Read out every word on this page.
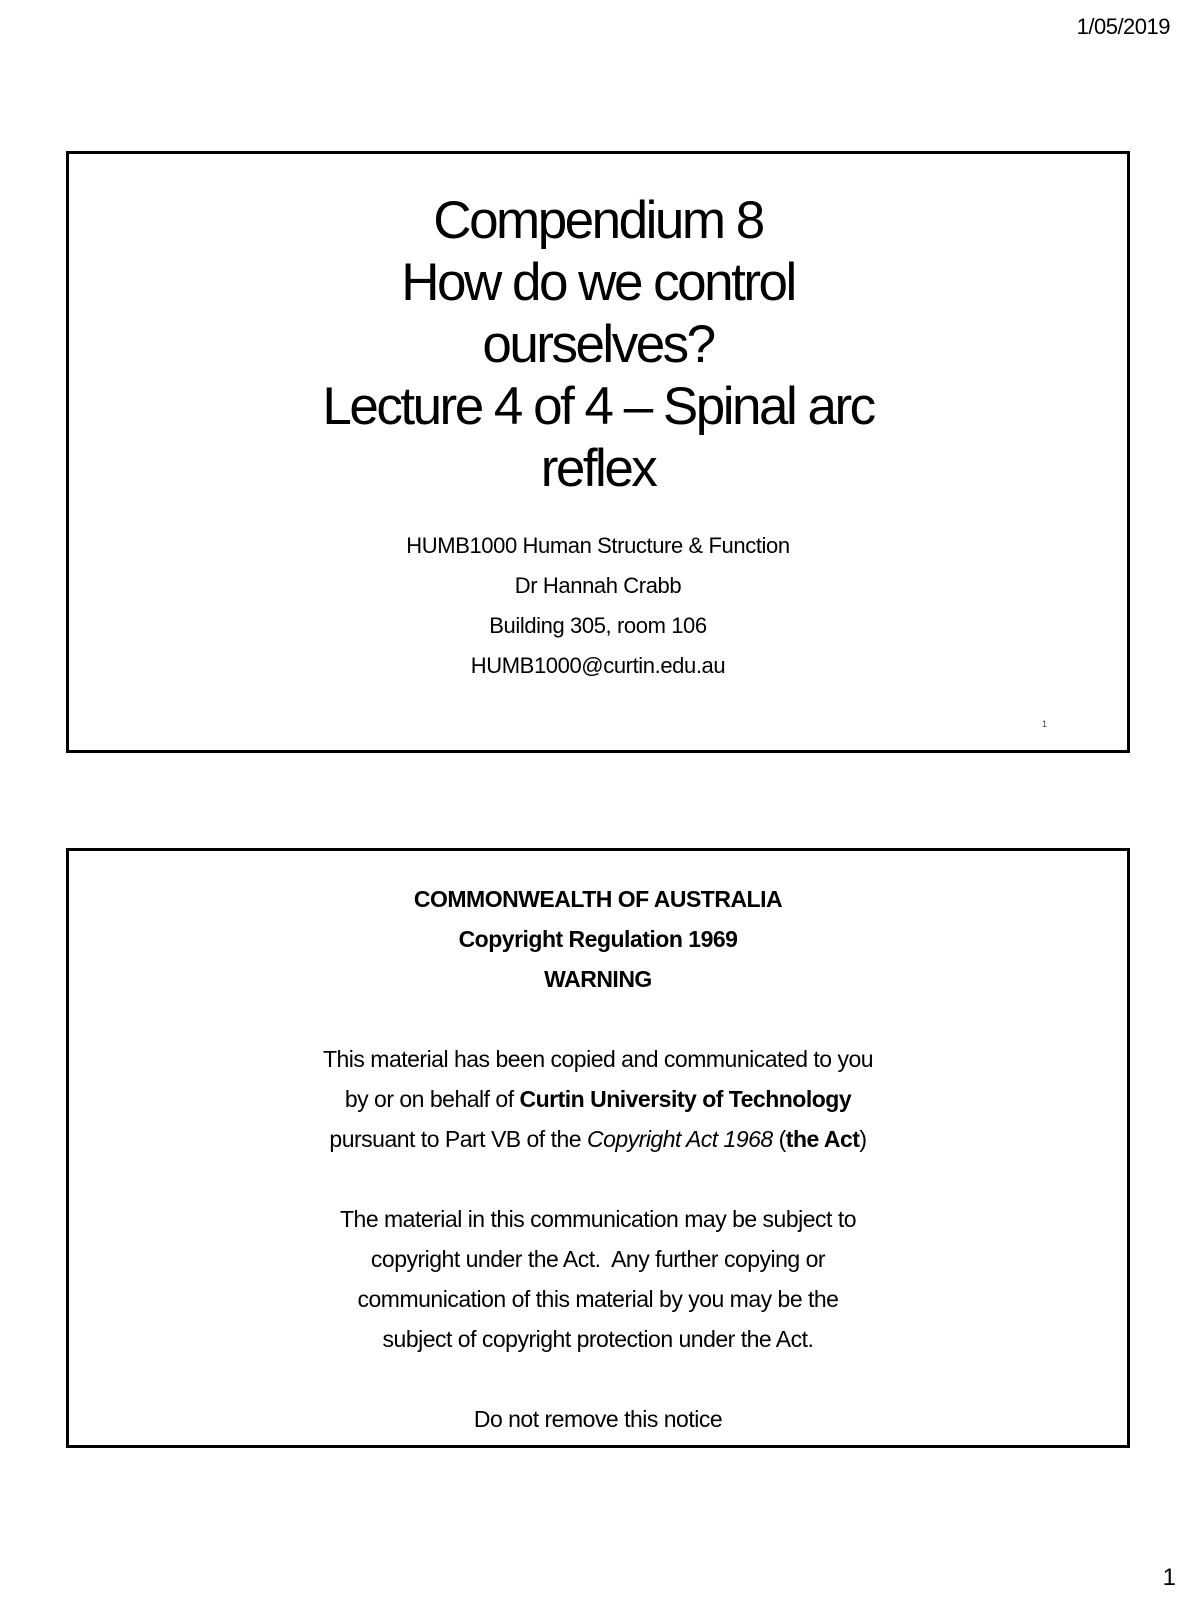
1/05/2019
Compendium 8
How do we control
ourselves?
Lecture 4 of 4 – Spinal arc
reflex
HUMB1000 Human Structure & Function
Dr Hannah Crabb
Building 305, room 106
HUMB1000@curtin.edu.au
1
COMMONWEALTH OF AUSTRALIA
Copyright Regulation 1969
WARNING

This material has been copied and communicated to you

by or on behalf of Curtin University of Technology

pursuant to Part VB of the Copyright Act 1968 (the Act)

The material in this communication may be subject to

copyright under the Act.  Any further copying or

communication of this material by you may be the

subject of copyright protection under the Act.

Do not remove this notice
1
